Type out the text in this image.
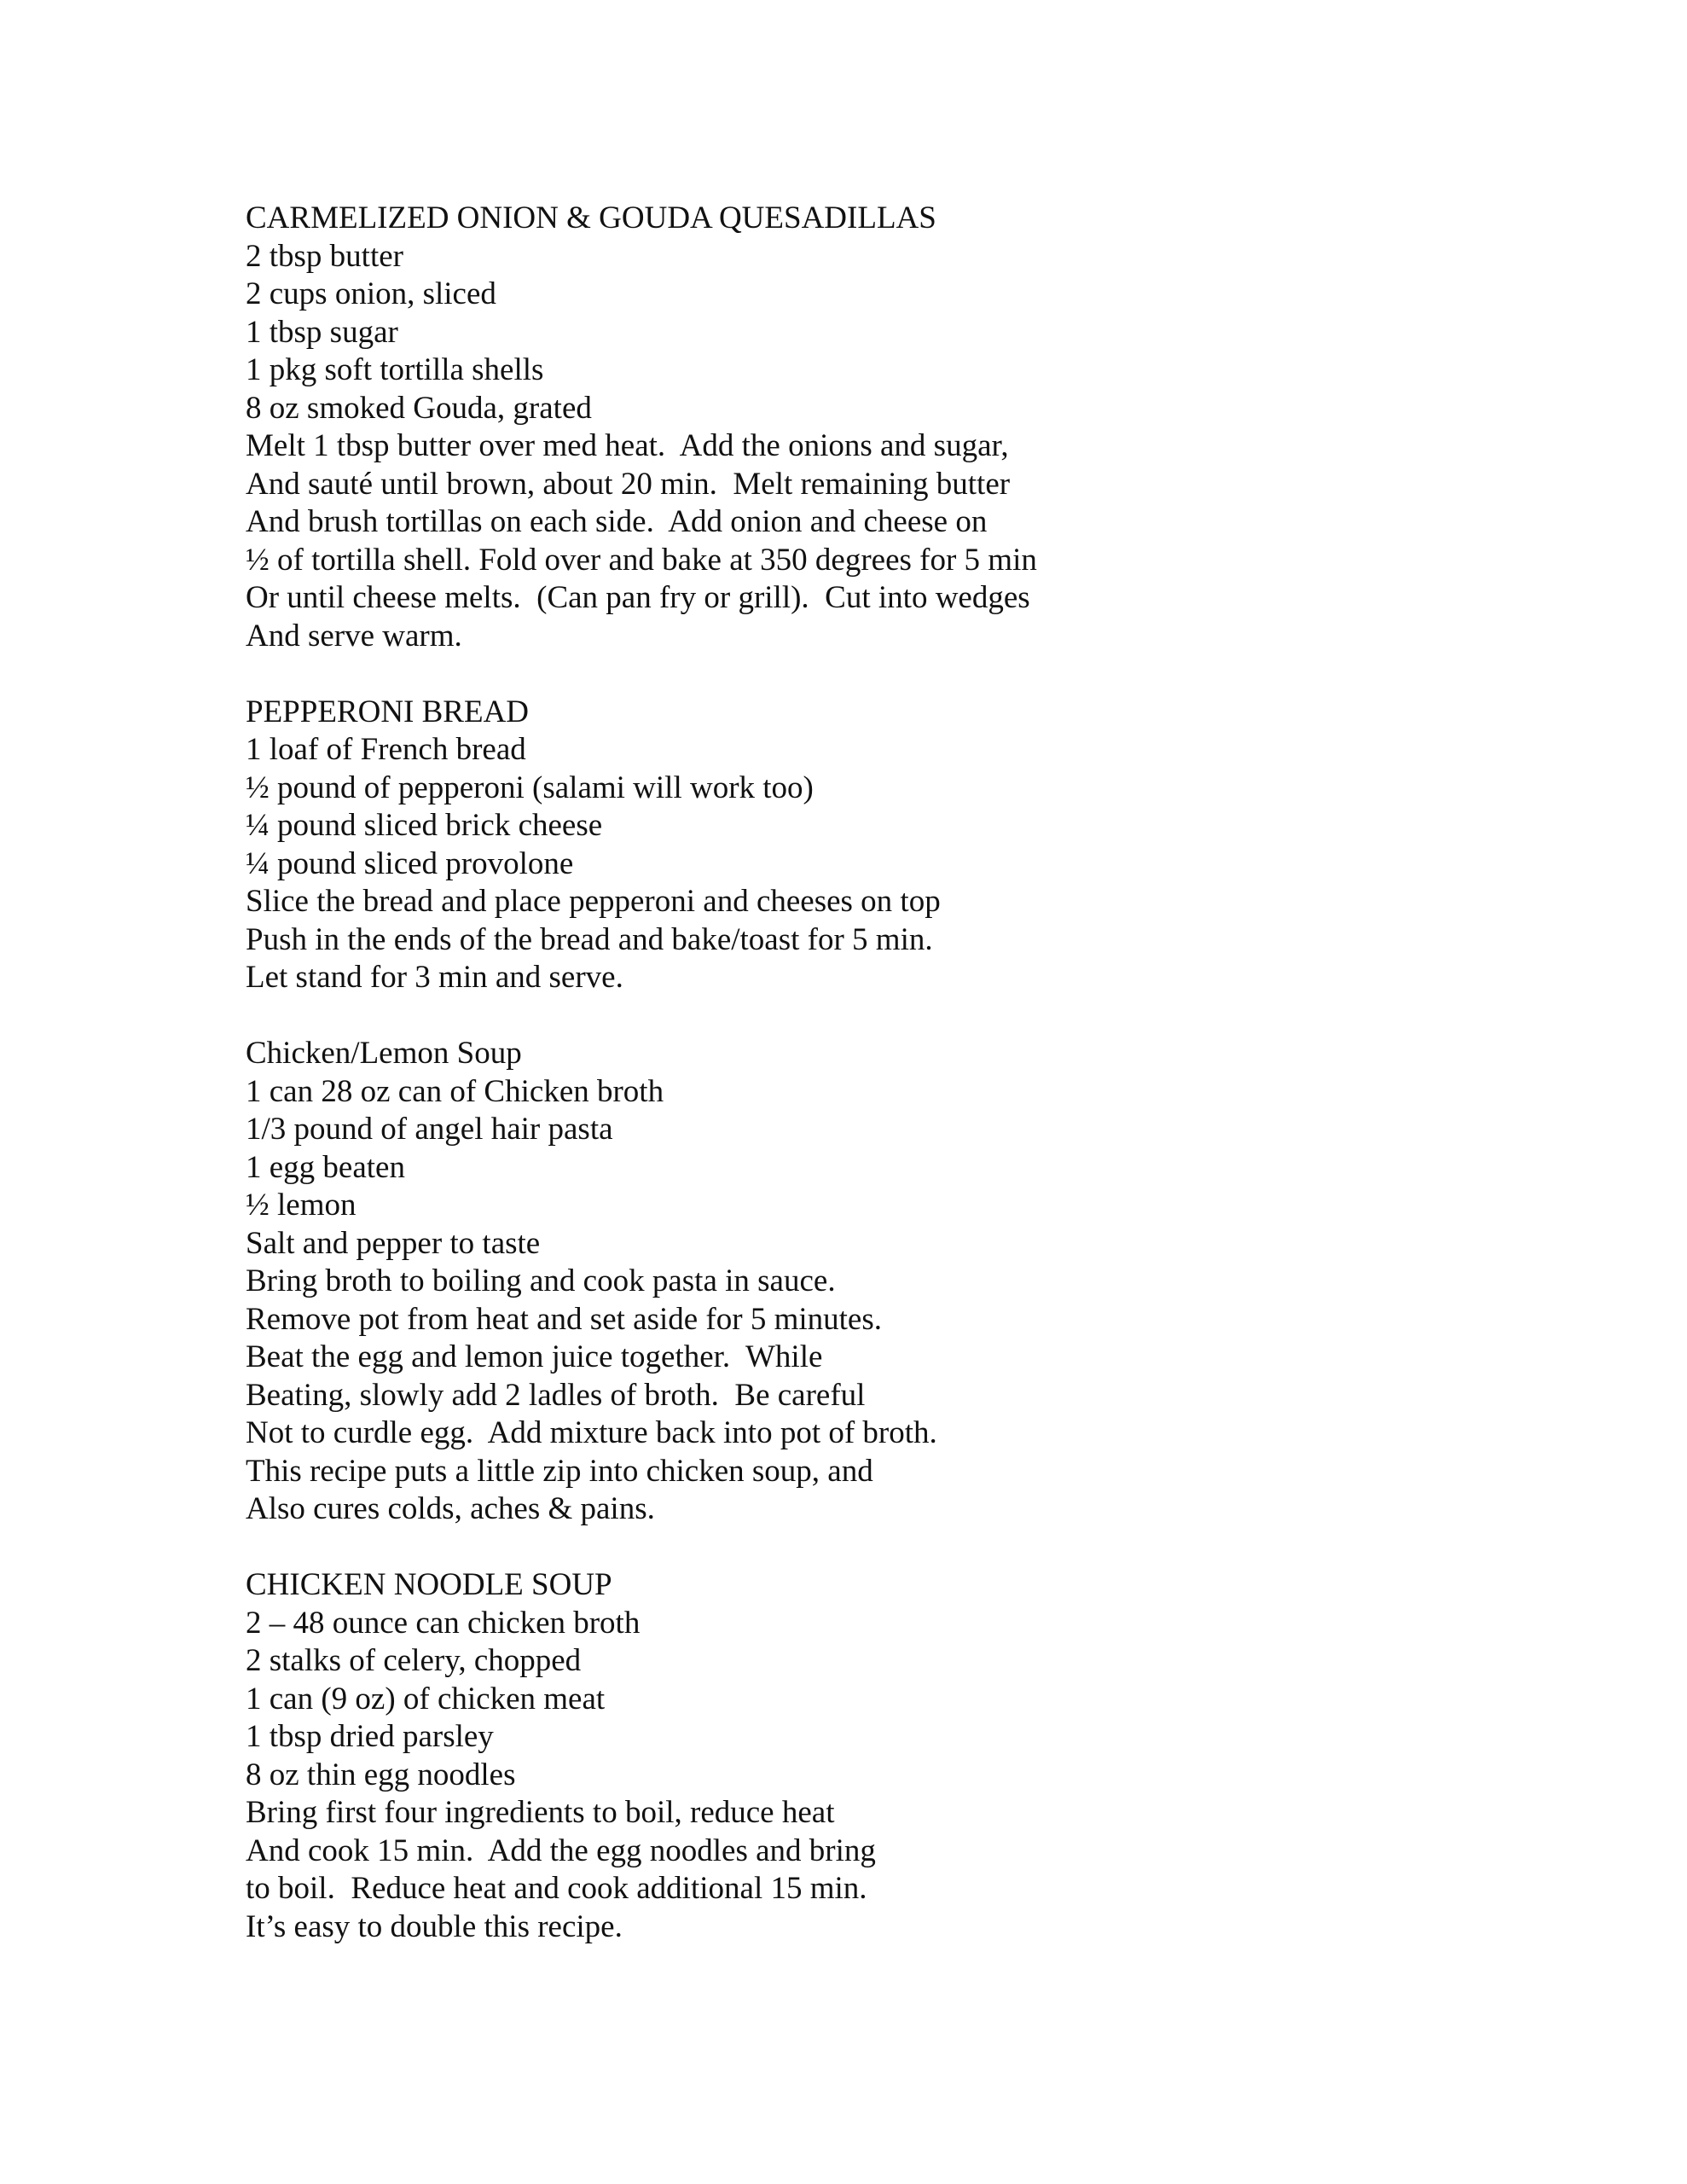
CARMELIZED ONION & GOUDA QUESADILLAS
2 tbsp butter
2 cups onion, sliced
1 tbsp sugar
1 pkg soft tortilla shells
8 oz smoked Gouda, grated
Melt 1 tbsp butter over med heat.  Add the onions and sugar,
And sauté until brown, about 20 min.  Melt remaining butter
And brush tortillas on each side.  Add onion and cheese on
½ of tortilla shell. Fold over and bake at 350 degrees for 5 min
Or until cheese melts.  (Can pan fry or grill).  Cut into wedges
And serve warm.
PEPPERONI BREAD
1 loaf of French bread
½ pound of pepperoni (salami will work too)
¼ pound sliced brick cheese
¼ pound sliced provolone
Slice the bread and place pepperoni and cheeses on top
Push in the ends of the bread and bake/toast for 5 min.
Let stand for 3 min and serve.
Chicken/Lemon Soup
1 can 28 oz can of Chicken broth
1/3 pound of angel hair pasta
1 egg beaten
½ lemon
Salt and pepper to taste
Bring broth to boiling and cook pasta in sauce.
Remove pot from heat and set aside for 5 minutes.
Beat the egg and lemon juice together.  While
Beating, slowly add 2 ladles of broth.  Be careful
Not to curdle egg.  Add mixture back into pot of broth.
This recipe puts a little zip into chicken soup, and
Also cures colds, aches & pains.
CHICKEN NOODLE SOUP
2 – 48 ounce can chicken broth
2 stalks of celery, chopped
1 can (9 oz) of chicken meat
1 tbsp dried parsley
8 oz thin egg noodles
Bring first four ingredients to boil, reduce heat
And cook 15 min.  Add the egg noodles and bring
to boil.  Reduce heat and cook additional 15 min.
It’s easy to double this recipe.
